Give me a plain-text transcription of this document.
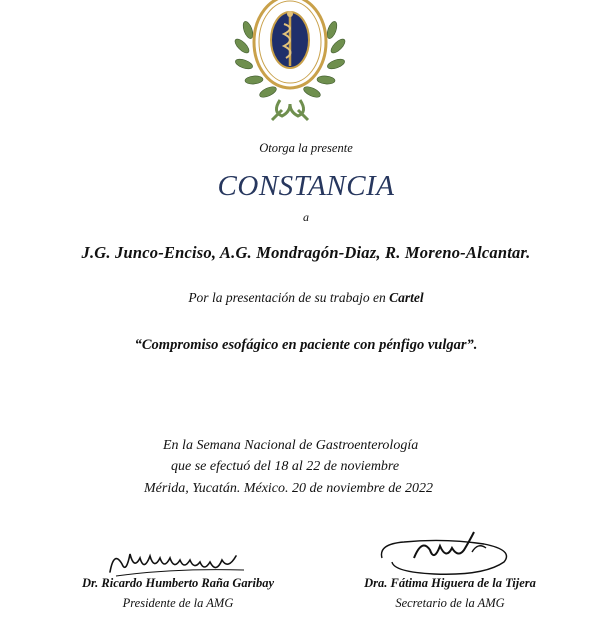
Otorga la presente
CONSTANCIA
a
J.G. Junco-Enciso, A.G. Mondragón-Diaz, R. Moreno-Alcantar.
Por la presentación de su trabajo en Cartel
“Compromiso esofágico en paciente con pénfigo vulgar”.
En la Semana Nacional de Gastroenterología
que se efectuó del 18 al 22 de noviembre
Mérida, Yucatán. México. 20 de noviembre de 2022
Dr. Ricardo Humberto Raña Garibay
Presidente de la AMG
Dra. Fátima Higuera de la Tijera
Secretario de la AMG
